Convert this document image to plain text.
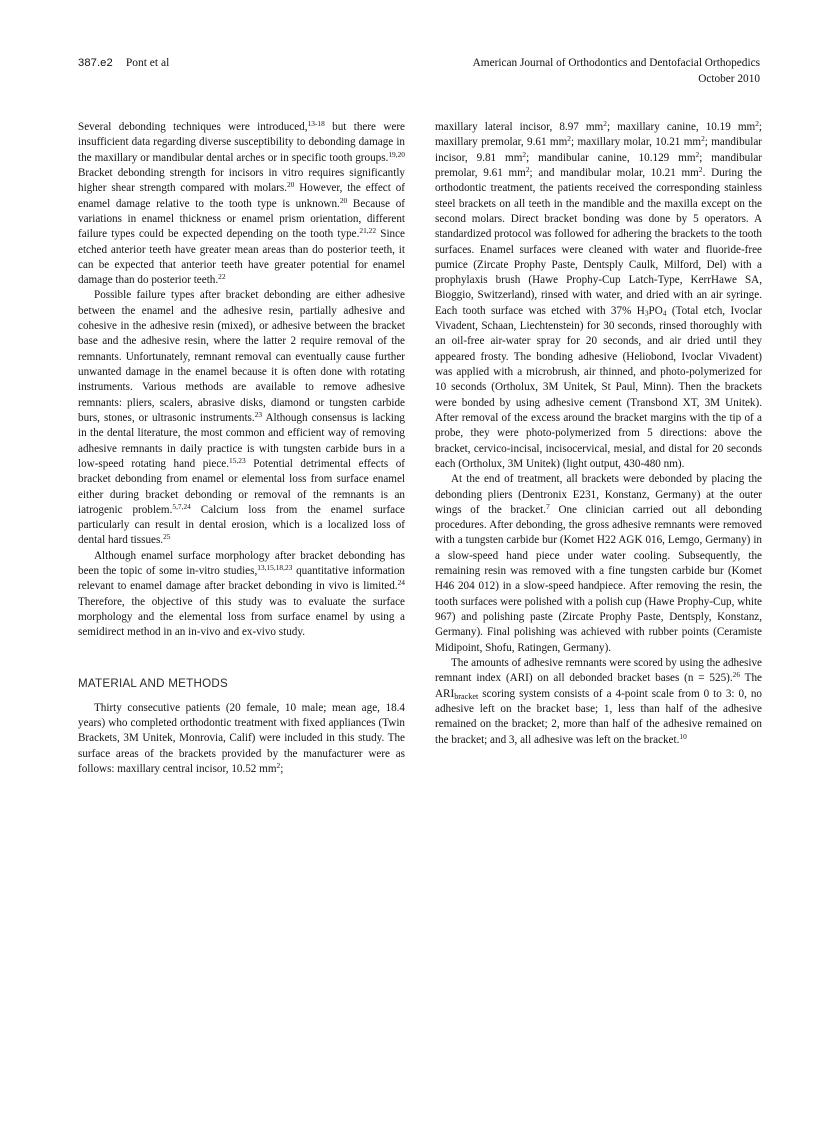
387.e2 Pont et al	American Journal of Orthodontics and Dentofacial Orthopedics
October 2010

Several debonding techniques were introduced,$^{13-18}$ but there were insufficient data regarding diverse susceptibility to debonding damage in the maxillary or mandibular dental arches or in specific tooth groups.$^{19,20}$ Bracket debonding strength for incisors in vitro requires significantly higher shear strength compared with molars.$^{20}$ However, the effect of enamel damage relative to the tooth type is unknown.$^{20}$ Because of variations in enamel thickness or enamel prism orientation, different failure types could be expected depending on the tooth type.$^{21,22}$ Since etched anterior teeth have greater mean areas than do posterior teeth, it can be expected that anterior teeth have greater potential for enamel damage than do posterior teeth.$^{22}$

Possible failure types after bracket debonding are either adhesive between the enamel and the adhesive resin, partially adhesive and cohesive in the adhesive resin (mixed), or adhesive between the bracket base and the adhesive resin, where the latter 2 require removal of the remnants. Unfortunately, remnant removal can eventually cause further unwanted damage in the enamel because it is often done with rotating instruments. Various methods are available to remove adhesive remnants: pliers, scalers, abrasive disks, diamond or tungsten carbide burs, stones, or ultrasonic instruments.$^{23}$ Although consensus is lacking in the dental literature, the most common and efficient way of removing adhesive remnants in daily practice is with tungsten carbide burs in a low-speed rotating hand piece.$^{15,23}$ Potential detrimental effects of bracket debonding from enamel or elemental loss from surface enamel either during bracket debonding or removal of the remnants is an iatrogenic problem.$^{5,7,24}$ Calcium loss from the enamel surface particularly can result in dental erosion, which is a localized loss of dental hard tissues.$^{25}$

Although enamel surface morphology after bracket debonding has been the topic of some in-vitro studies,$^{13,15,18,23}$ quantitative information relevant to enamel damage after bracket debonding in vivo is limited.$^{24}$ Therefore, the objective of this study was to evaluate the surface morphology and the elemental loss from surface enamel by using a semidirect method in an in-vivo and ex-vivo study.

MATERIAL AND METHODS

Thirty consecutive patients (20 female, 10 male; mean age, 18.4 years) who completed orthodontic treatment with fixed appliances (Twin Brackets, 3M Unitek, Monrovia, Calif) were included in this study. The surface areas of the brackets provided by the manufacturer were as follows: maxillary central incisor, 10.52 $mm^2$;

maxillary lateral incisor, 8.97 $mm^2$; maxillary canine, 10.19 $mm^2$; maxillary premolar, 9.61 $mm^2$; maxillary molar, 10.21 $mm^2$; mandibular incisor, 9.81 $mm^2$; mandibular canine, 10.129 $mm^2$; mandibular premolar, 9.61 $mm^2$; and mandibular molar, 10.21 $mm^2$. During the orthodontic treatment, the patients received the corresponding stainless steel brackets on all teeth in the mandible and the maxilla except on the second molars. Direct bracket bonding was done by 5 operators. A standardized protocol was followed for adhering the brackets to the tooth surfaces. Enamel surfaces were cleaned with water and fluoride-free pumice (Zircate Prophy Paste, Dentsply Caulk, Milford, Del) with a prophylaxis brush (Hawe Prophy-Cup Latch-Type, KerrHawe SA, Bioggio, Switzerland), rinsed with water, and dried with an air syringe. Each tooth surface was etched with 37% $H_3PO_4$ (Total etch, Ivoclar Vivadent, Schaan, Liechtenstein) for 30 seconds, rinsed thoroughly with an oil-free air-water spray for 20 seconds, and air dried until they appeared frosty. The bonding adhesive (Heliobond, Ivoclar Vivadent) was applied with a microbrush, air thinned, and photo-polymerized for 10 seconds (Ortholux, 3M Unitek, St Paul, Minn). Then the brackets were bonded by using adhesive cement (Transbond XT, 3M Unitek). After removal of the excess around the bracket margins with the tip of a probe, they were photo-polymerized from 5 directions: above the bracket, cervico-incisal, incisocervical, mesial, and distal for 20 seconds each (Ortholux, 3M Unitek) (light output, 430-480 nm).

At the end of treatment, all brackets were debonded by placing the debonding pliers (Dentronix E231, Konstanz, Germany) at the outer wings of the bracket.$^7$ One clinician carried out all debonding procedures. After debonding, the gross adhesive remnants were removed with a tungsten carbide bur (Komet H22 AGK 016, Lemgo, Germany) in a slow-speed hand piece under water cooling. Subsequently, the remaining resin was removed with a fine tungsten carbide bur (Komet H46 204 012) in a slow-speed handpiece. After removing the resin, the tooth surfaces were polished with a polish cup (Hawe Prophy-Cup, white 967) and polishing paste (Zircate Prophy Paste, Dentsply, Konstanz, Germany). Final polishing was achieved with rubber points (Ceramiste Midipoint, Shofu, Ratingen, Germany).

The amounts of adhesive remnants were scored by using the adhesive remnant index (ARI) on all debonded bracket bases (n = 525).$^{26}$ The $ARI_{bracket}$ scoring system consists of a 4-point scale from 0 to 3: 0, no adhesive left on the bracket base; 1, less than half of the adhesive remained on the bracket; 2, more than half of the adhesive remained on the bracket; and 3, all adhesive was left on the bracket.$^{10}$
